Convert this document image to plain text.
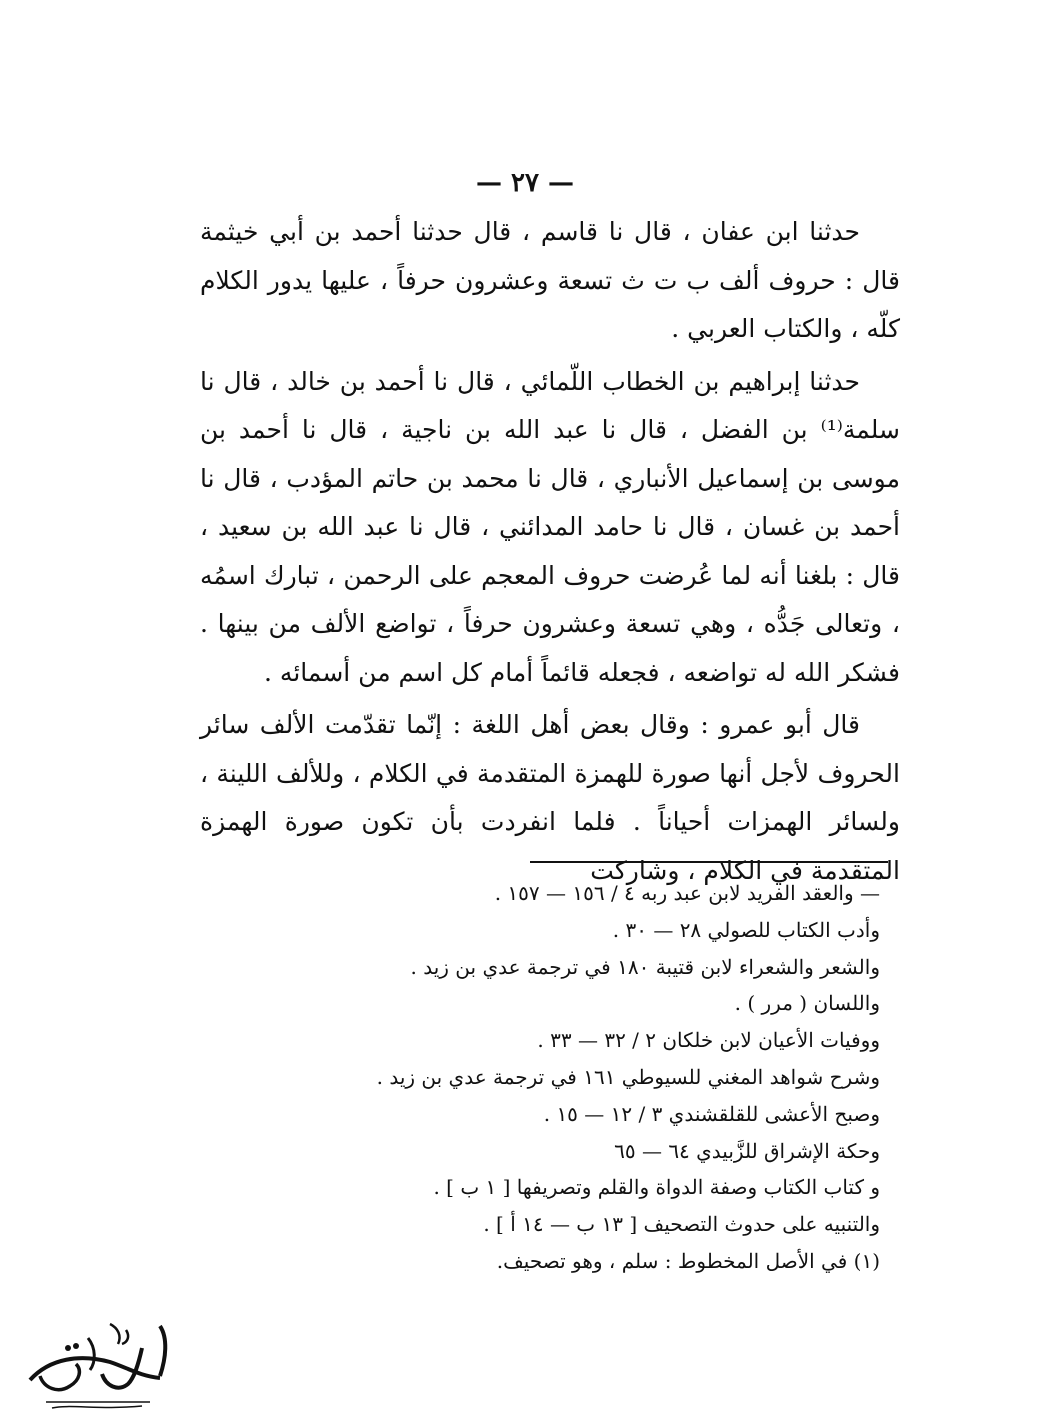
— ٢٧ —

حدثنا ابن عفان ، قال نا قاسم ، قال حدثنا أحمد بن أبي خيثمة قال : حروف ألف ب ت ث تسعة وعشرون حرفاً ، عليها يدور الكلام كلّه ، والكتاب العربي .

حدثنا إبراهيم بن الخطاب اللّمائي ، قال نا أحمد بن خالد ، قال نا سلمة⁽¹⁾ بن الفضل ، قال نا عبد الله بن ناجية ، قال نا أحمد بن موسى بن إسماعيل الأنباري ، قال نا محمد بن حاتم المؤدب ، قال نا أحمد بن غسان ، قال نا حامد المدائني ، قال نا عبد الله بن سعيد ، قال : بلغنا أنه لما عُرضت حروف المعجم على الرحمن ، تبارك اسمُه ، وتعالى جَدُّه ، وهي تسعة وعشرون حرفاً ، تواضع الألف من بينها . فشكر الله له تواضعه ، فجعله قائماً أمام كل اسم من أسمائه .

قال أبو عمرو : وقال بعض أهل اللغة : إنّما تقدّمت الألف سائر الحروف لأجل أنها صورة للهمزة المتقدمة في الكلام ، وللألف اللينة ، ولسائر الهمزات أحياناً . فلما انفردت بأن تكون صورة الهمزة المتقدمة في الكلام ، وشاركت

— والعقد الفريد لابن عبد ربه ٤ / ١٥٦ — ١٥٧ .

وأدب الكتاب للصولي ٢٨ — ٣٠ .

والشعر والشعراء لابن قتيبة ١٨٠ في ترجمة عدي بن زيد .

واللسان ( مرر ) .

ووفيات الأعيان لابن خلكان ٢ / ٣٢ — ٣٣ .

وشرح شواهد المغني للسيوطي ١٦١ في ترجمة عدي بن زيد .

وصبح الأعشى للقلقشندي ٣ / ١٢ — ١٥ .

وحكة الإشراق للزَّبيدي ٦٤ — ٦٥

و كتاب الكتاب وصفة الدواة والقلم وتصريفها [ ١ ب ] .

والتنبيه على حدوث التصحيف [ ١٣ ب — ١٤ أ ] .

(١) في الأصل المخطوط : سلم ، وهو تصحيف.
